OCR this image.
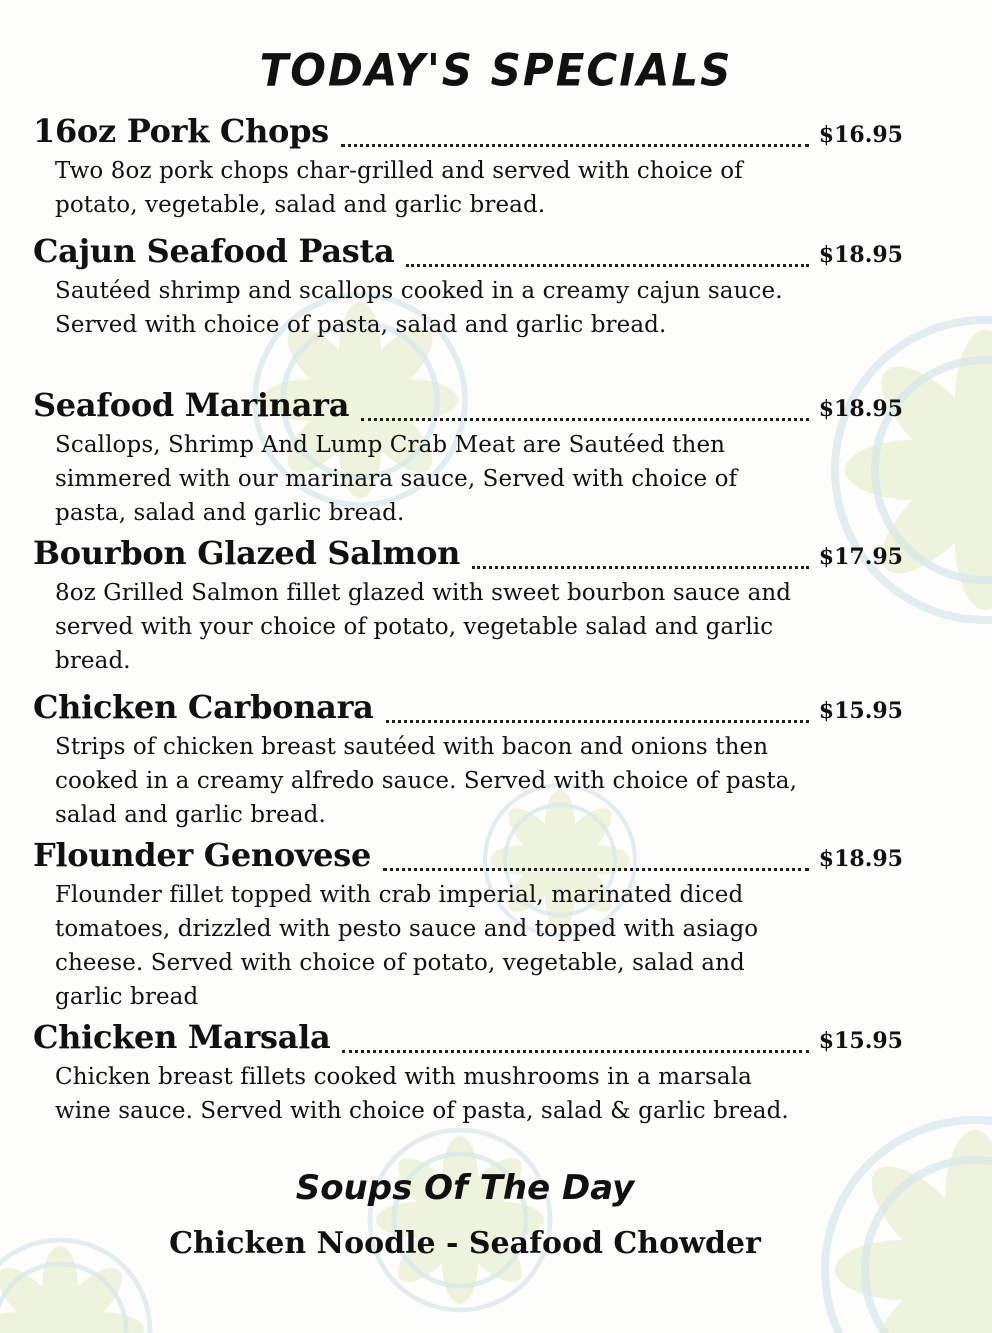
TODAY'S SPECIALS
16oz Pork Chops	$16.95
Two 8oz pork chops char-grilled and served with choice of potato, vegetable, salad and garlic bread.
Cajun Seafood Pasta	$18.95
Sautéed shrimp and scallops cooked in a creamy cajun sauce. Served with choice of pasta, salad and garlic bread.
Seafood Marinara	$18.95
Scallops, Shrimp And Lump Crab Meat are Sautéed then simmered with our marinara sauce, Served with choice of pasta, salad and garlic bread.
Bourbon Glazed Salmon	$17.95
8oz Grilled Salmon fillet glazed with sweet bourbon sauce and served with your choice of potato, vegetable salad and garlic bread.
Chicken Carbonara	$15.95
Strips of chicken breast sautéed with bacon and onions then cooked in a creamy alfredo sauce. Served with choice of pasta, salad and garlic bread.
Flounder Genovese	$18.95
Flounder fillet topped with crab imperial, marinated diced tomatoes, drizzled with pesto sauce and topped with asiago cheese. Served with choice of potato, vegetable, salad and garlic bread
Chicken Marsala	$15.95
Chicken breast fillets cooked with mushrooms in a marsala wine sauce. Served with choice of pasta, salad & garlic bread.
Soups Of The Day
Chicken Noodle - Seafood Chowder
